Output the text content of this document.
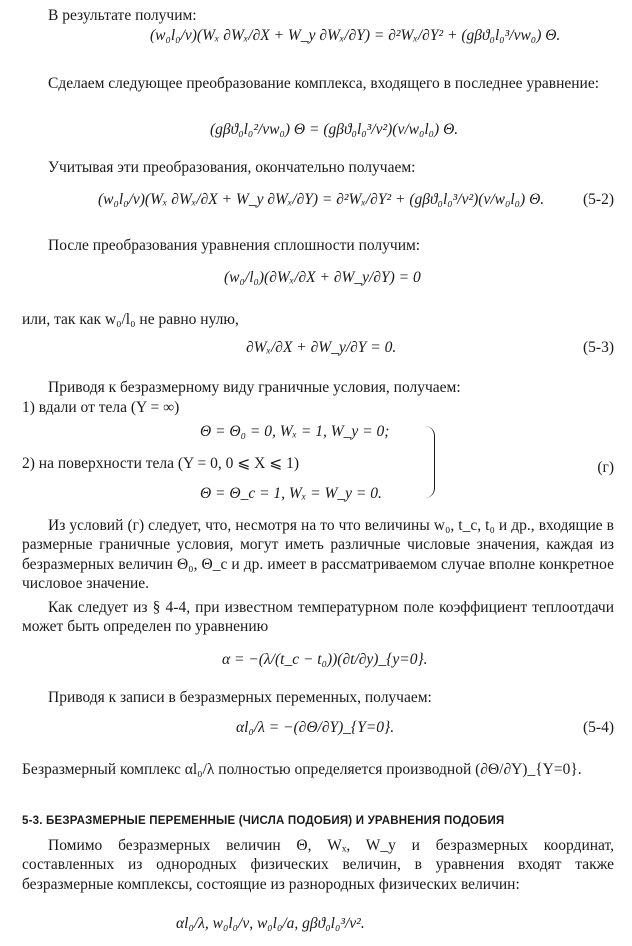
В результате получим:
(w₀l₀/ν)(Wₓ ∂Wₓ/∂X + W_y ∂Wₓ/∂Y) = ∂²Wₓ/∂Y² + (gβϑ₀l₀³/νw₀) Θ.
Сделаем следующее преобразование комплекса, входящего в последнее уравнение:
(gβϑ₀l₀²/νw₀) Θ = (gβϑ₀l₀³/ν²)(ν/w₀l₀) Θ.
Учитывая эти преобразования, окончательно получаем:
(w₀l₀/ν)(Wₓ ∂Wₓ/∂X + W_y ∂Wₓ/∂Y) = ∂²Wₓ/∂Y² + (gβϑ₀l₀³/ν²)(ν/w₀l₀) Θ.	(5-2)
После преобразования уравнения сплошности получим:
(w₀/l₀)(∂Wₓ/∂X + ∂W_y/∂Y) = 0
или, так как w₀/l₀ не равно нулю,
∂Wₓ/∂X + ∂W_y/∂Y = 0.	(5-3)
Приводя к безразмерному виду граничные условия, получаем:
1) вдали от тела (Y = ∞)
Θ = Θ₀ = 0, Wₓ = 1, W_y = 0;
2) на поверхности тела (Y = 0, 0 ⩽ X ⩽ 1)
Θ = Θ_c = 1, Wₓ = W_y = 0.
(г)
Из условий (г) следует, что, несмотря на то что величины w₀, t_c, t₀ и др., входящие в размерные граничные условия, могут иметь различные числовые значения, каждая из безразмерных величин Θ₀, Θ_c и др. имеет в рассматриваемом случае вполне конкретное числовое значение.
Как следует из § 4-4, при известном температурном поле коэффициент теплоотдачи может быть определен по уравнению
α = −(λ/(t_c − t₀))(∂t/∂y)_{y=0}.
Приводя к записи в безразмерных переменных, получаем:
αl₀/λ = −(∂Θ/∂Y)_{Y=0}.	(5-4)
Безразмерный комплекс αl₀/λ полностью определяется производной (∂Θ/∂Y)_{Y=0}.
5-3. БЕЗРАЗМЕРНЫЕ ПЕРЕМЕННЫЕ (ЧИСЛА ПОДОБИЯ) И УРАВНЕНИЯ ПОДОБИЯ
Помимо безразмерных величин Θ, Wₓ, W_y и безразмерных координат, составленных из однородных физических величин, в уравнения входят также безразмерные комплексы, состоящие из разнородных физических величин:
αl₀/λ, w₀l₀/ν, w₀l₀/a, gβϑ₀l₀³/ν².
